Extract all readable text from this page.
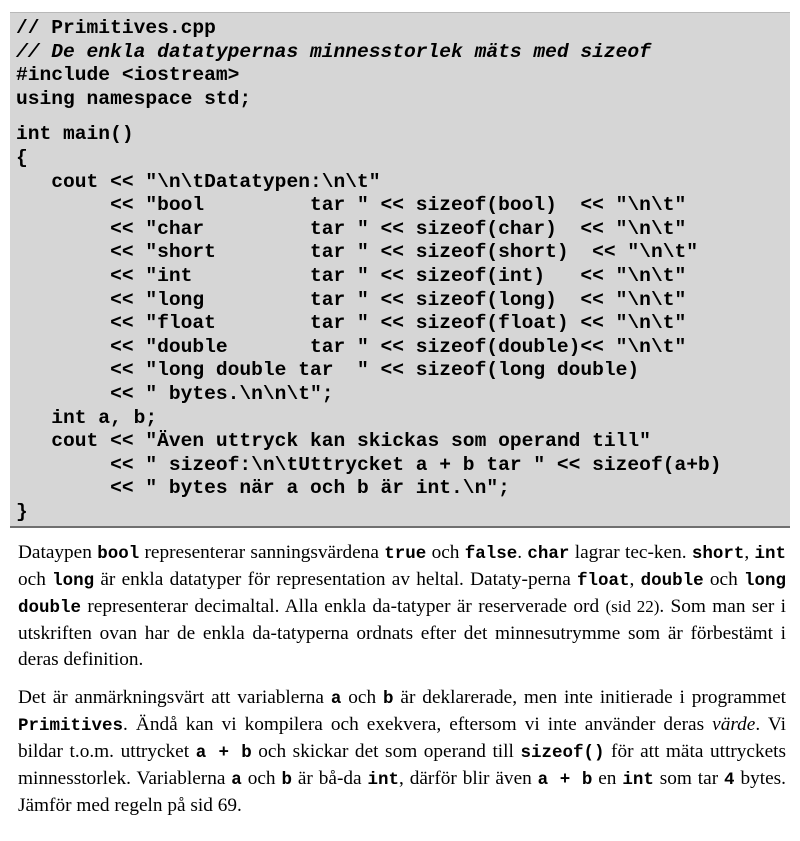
// Primitives.cpp
// De enkla datatypernas minnesstorlek mäts med sizeof
#include <iostream>
using namespace std;
int main()
{
cout << "\n\tDatatypen:\n\t"
<< "bool         tar " << sizeof(bool)  << "\n\t"
<< "char         tar " << sizeof(char)  << "\n\t"
<< "short        tar " << sizeof(short)  << "\n\t"
<< "int          tar " << sizeof(int)   << "\n\t"
<< "long         tar " << sizeof(long)  << "\n\t"
<< "float        tar " << sizeof(float) << "\n\t"
<< "double       tar " << sizeof(double)<< "\n\t"
<< "long double tar  " << sizeof(long double)
<< " bytes.\n\n\t";
int a, b;
cout << "Även uttryck kan skickas som operand till"
<< " sizeof:\n\tUttrycket a + b tar " << sizeof(a+b)
<< " bytes när a och b är int.\n";
}

Dataypen bool representerar sanningsvärdena true och false. char lagrar tec-ken. short, int och long är enkla datatyper för representation av heltal. Dataty-perna float, double och long double representerar decimaltal. Alla enkla da-tatyper är reserverade ord (sid 22). Som man ser i utskriften ovan har de enkla da-tatyperna ordnats efter det minnesutrymme som är förbestämt i deras definition.

Det är anmärkningsvärt att variablerna a och b är deklarerade, men inte initierade i programmet Primitives. Ändå kan vi kompilera och exekvera, eftersom vi inte använder deras värde. Vi bildar t.o.m. uttrycket a + b och skickar det som operand till sizeof() för att mäta uttryckets minnesstorlek. Variablerna a och b är bå-da int, därför blir även a + b en int som tar 4 bytes. Jämför med regeln på sid 69.
